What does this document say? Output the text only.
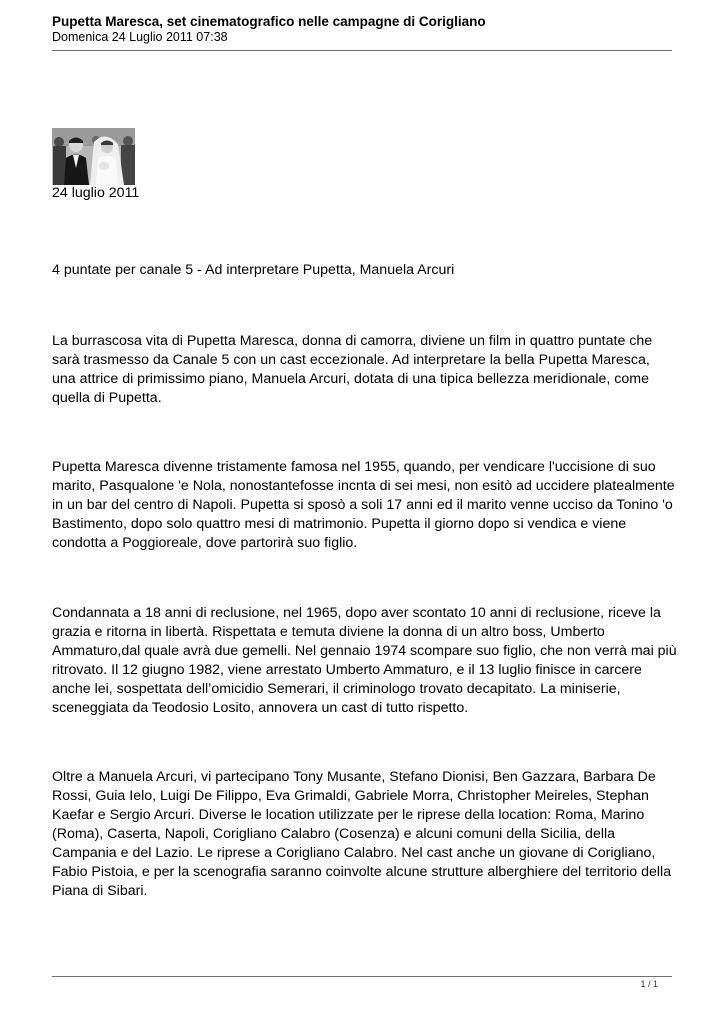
Pupetta Maresca, set cinematografico nelle campagne di Corigliano
Domenica 24 Luglio 2011 07:38

24 luglio 2011

4 puntate per canale 5 - Ad interpretare Pupetta, Manuela Arcuri

La burrascosa vita di Pupetta Maresca, donna di camorra, diviene un film in quattro puntate che sarà trasmesso da Canale 5 con un cast eccezionale. Ad interpretare la bella Pupetta Maresca, una attrice di primissimo piano, Manuela Arcuri, dotata di una tipica bellezza meridionale, come quella di Pupetta.

Pupetta Maresca divenne tristamente famosa nel 1955, quando, per vendicare l'uccisione di suo marito, Pasqualone 'e Nola, nonostantefosse incnta di sei mesi, non esitò ad uccidere platealmente in un bar del centro di Napoli. Pupetta si sposò a soli 17 anni ed il marito venne ucciso da Tonino 'o Bastimento, dopo solo quattro mesi di matrimonio. Pupetta il giorno dopo si vendica e viene condotta a Poggioreale, dove partorirà suo figlio.

Condannata a 18 anni di reclusione, nel 1965, dopo aver scontato 10 anni di reclusione, riceve la grazia e ritorna in libertà. Rispettata e temuta diviene la donna di un altro boss, Umberto Ammaturo,dal quale avrà due gemelli. Nel gennaio 1974 scompare suo figlio, che non verrà mai più ritrovato. Il 12 giugno 1982, viene arrestato Umberto Ammaturo, e il 13 luglio finisce in carcere anche lei, sospettata dell’omicidio Semerari, il criminologo trovato decapitato. La miniserie, sceneggiata da Teodosio Losito, annovera un cast di tutto rispetto.

Oltre a Manuela Arcuri, vi partecipano Tony Musante, Stefano Dionisi, Ben Gazzara, Barbara De Rossi, Guia Ielo, Luigi De Filippo, Eva Grimaldi, Gabriele Morra, Christopher Meireles, Stephan Kaefar e Sergio Arcuri. Diverse le location utilizzate per le riprese della location: Roma, Marino (Roma), Caserta, Napoli, Corigliano Calabro (Cosenza) e alcuni comuni della Sicilia, della Campania e del Lazio. Le riprese a Corigliano Calabro. Nel cast anche un giovane di Corigliano, Fabio Pistoia, e per la scenografia saranno coinvolte alcune strutture alberghiere del territorio della Piana di Sibari.

1 / 1
